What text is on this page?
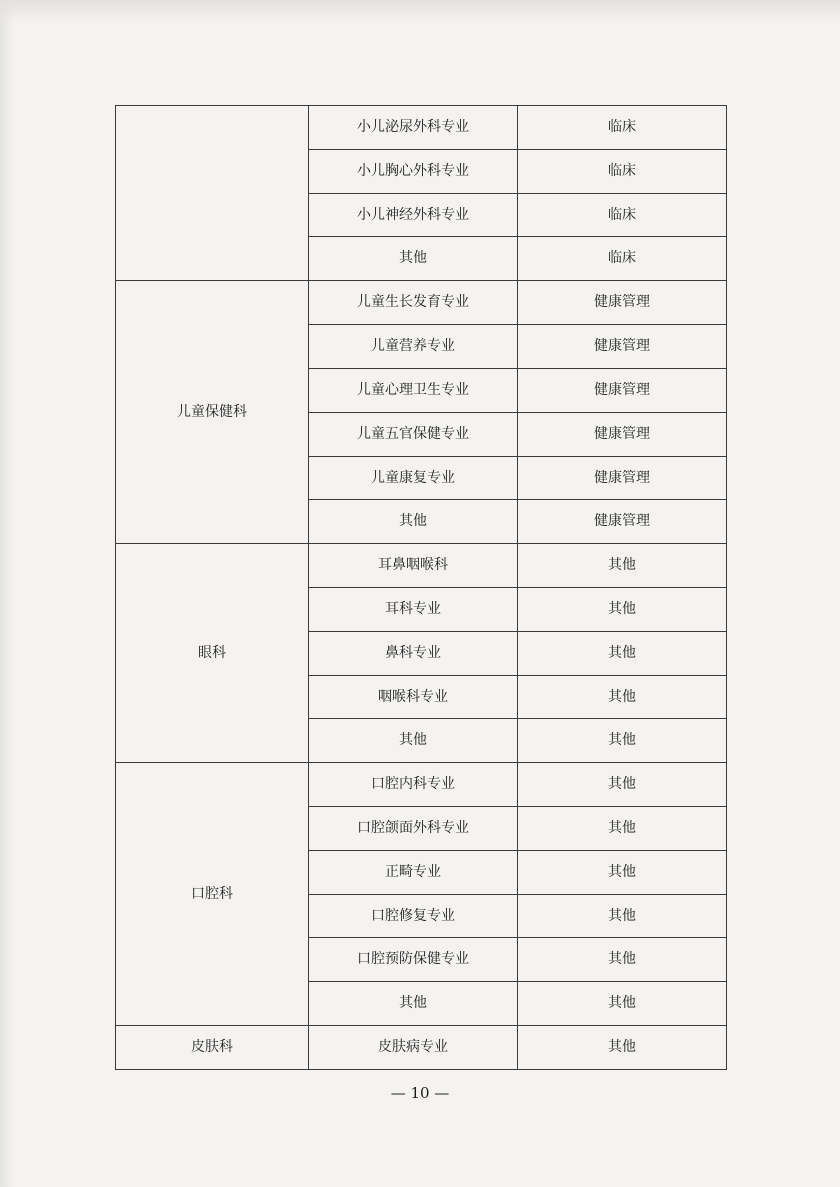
	小儿泌尿外科专业	临床
	小儿胸心外科专业	临床
	小儿神经外科专业	临床
	其他	临床
儿童保健科	儿童生长发育专业	健康管理
	儿童营养专业	健康管理
	儿童心理卫生专业	健康管理
	儿童五官保健专业	健康管理
	儿童康复专业	健康管理
	其他	健康管理
眼科	耳鼻咽喉科	其他
	耳科专业	其他
	鼻科专业	其他
	咽喉科专业	其他
	其他	其他
口腔科	口腔内科专业	其他
	口腔颌面外科专业	其他
	正畸专业	其他
	口腔修复专业	其他
	口腔预防保健专业	其他
	其他	其他
皮肤科	皮肤病专业	其他
— 10 —
